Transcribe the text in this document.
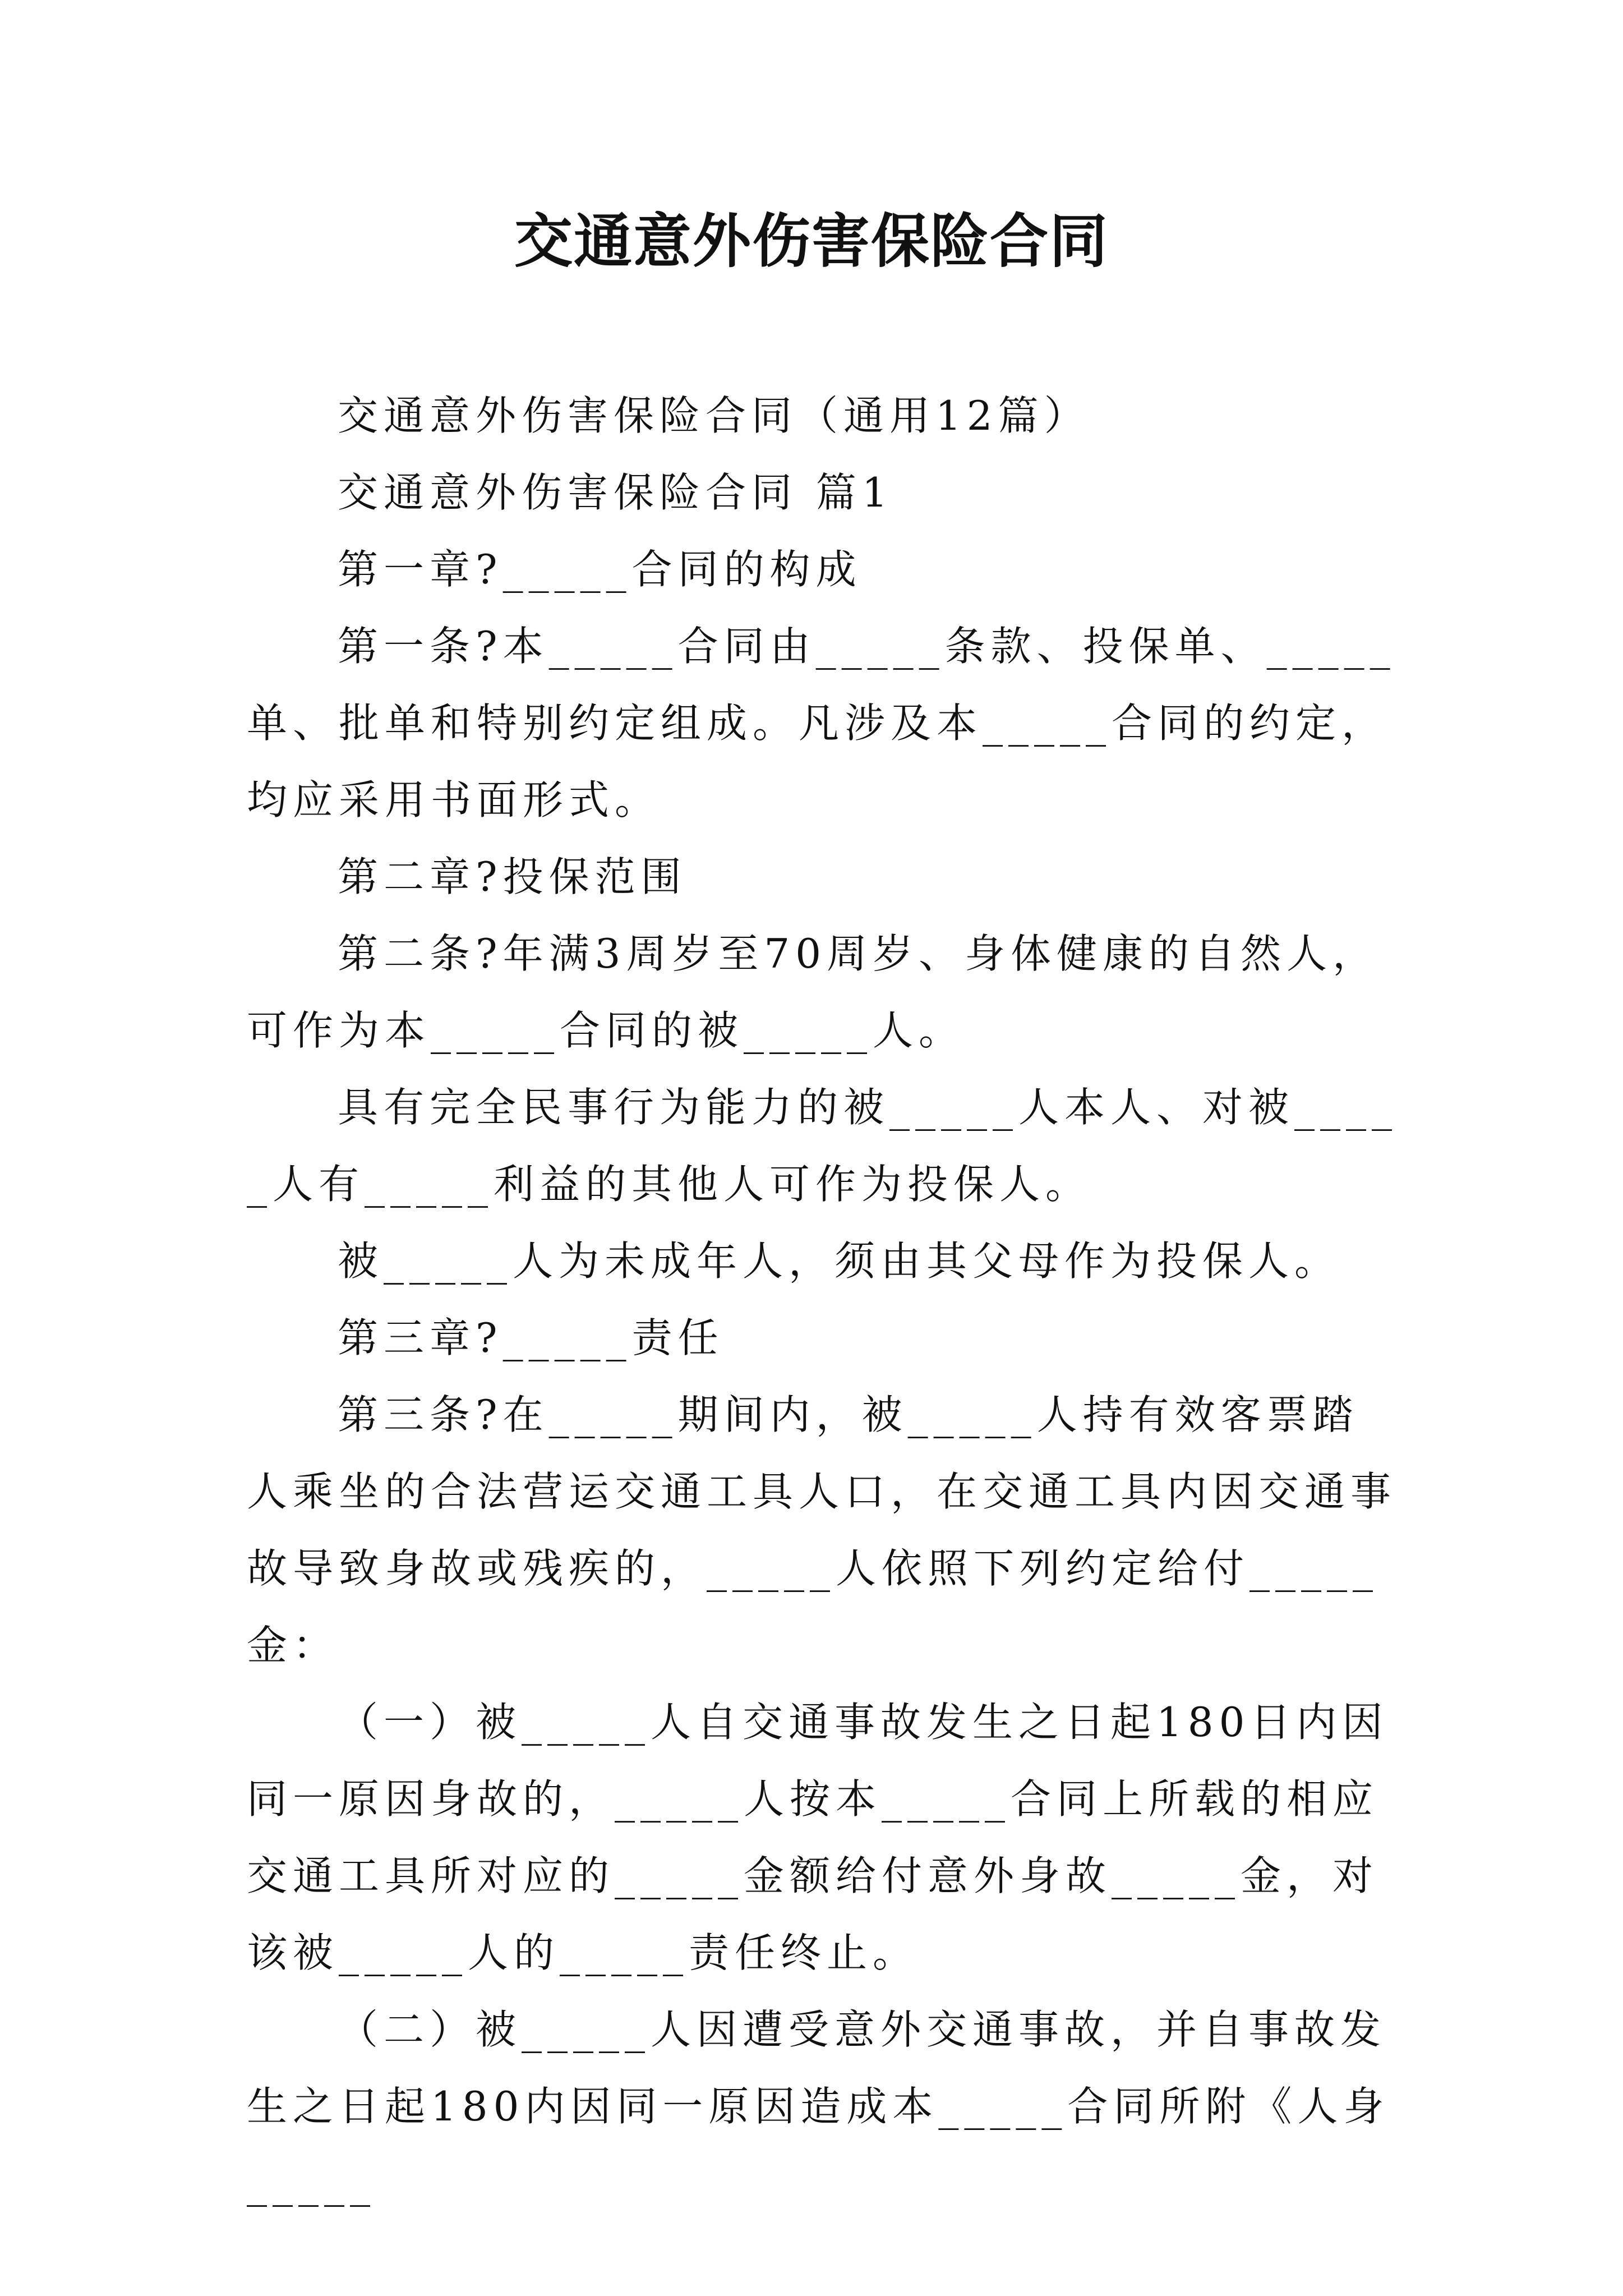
交通意外伤害保险合同

交通意外伤害保险合同（通用12篇）

交通意外伤害保险合同 篇1

第一章?_____合同的构成

第一条?本_____合同由_____条款、投保单、_____单、批单和特别约定组成。凡涉及本_____合同的约定，均应采用书面形式。

第二章?投保范围

第二条?年满3周岁至70周岁、身体健康的自然人，可作为本_____合同的被_____人。

具有完全民事行为能力的被_____人本人、对被_____人有_____利益的其他人可作为投保人。

被_____人为未成年人，须由其父母作为投保人。

第三章?_____责任

第三条?在_____期间内，被_____人持有效客票踏人乘坐的合法营运交通工具人口，在交通工具内因交通事故导致身故或残疾的，_____人依照下列约定给付_____金：

（一）被_____人自交通事故发生之日起180日内因同一原因身故的，_____人按本_____合同上所载的相应交通工具所对应的_____金额给付意外身故_____金，对该被_____人的_____责任终止。

（二）被_____人因遭受意外交通事故，并自事故发生之日起180内因同一原因造成本_____合同所附《人身_____
